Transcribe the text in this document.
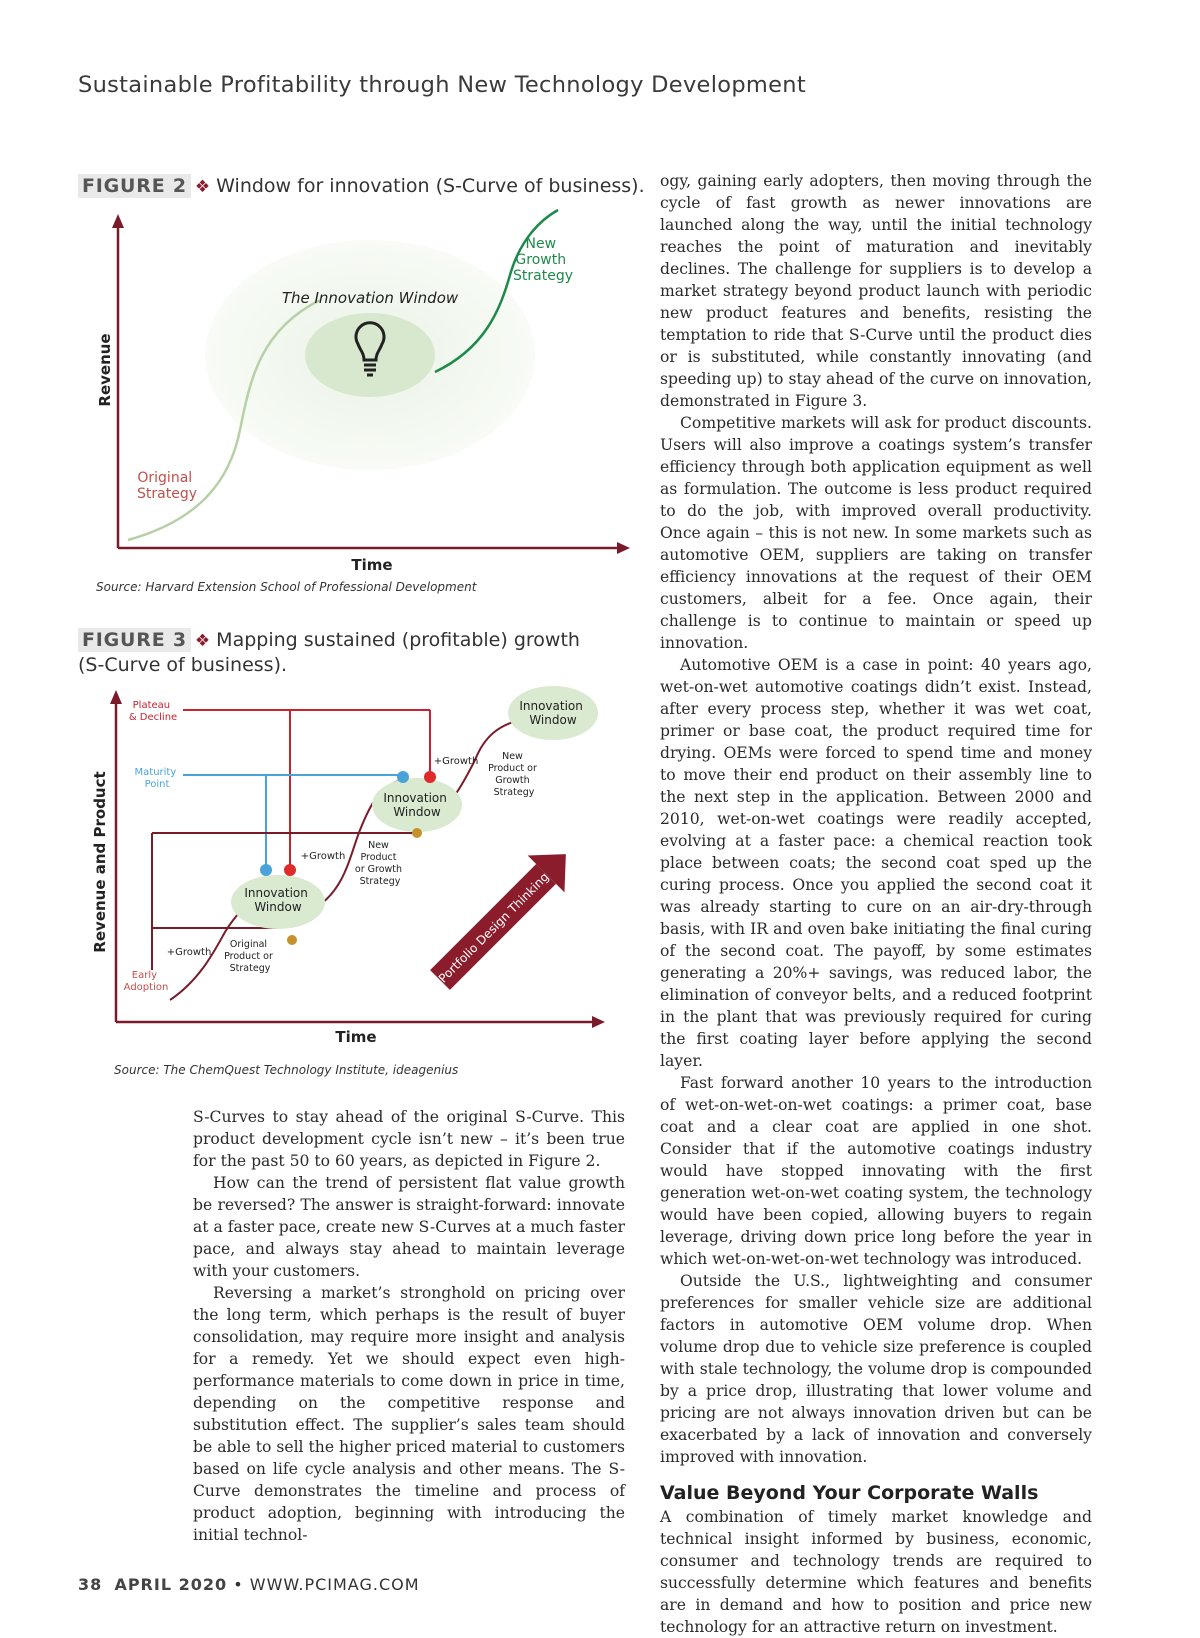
Sustainable Profitability through New Technology Development
FIGURE 2 ❖ Window for innovation (S-Curve of business).
The Innovation Window
New Growth Strategy
Original Strategy
Revenue
Time
Source: Harvard Extension School of Professional Development
FIGURE 3 ❖ Mapping sustained (profitable) growth
(S-Curve of business).
Portfolio Design Thinking
Plateau & Decline
Maturity Point
Early Adoption
+Growth
+Growth
+Growth
Original Product or Strategy
New Product or Growth Strategy
New Product or Growth Strategy
Innovation Window
Innovation Window
Innovation Window
Revenue and Product
Time
Source: The ChemQuest Technology Institute, ideagenius

S-Curves to stay ahead of the original S-Curve. This product development cycle isn’t new – it’s been true for the past 50 to 60 years, as depicted in Figure 2.

How can the trend of persistent flat value growth be reversed? The answer is straight-forward: innovate at a faster pace, create new S-Curves at a much faster pace, and always stay ahead to maintain leverage with your customers.

Reversing a market’s stronghold on pricing over the long term, which perhaps is the result of buyer consolidation, may require more insight and analysis for a remedy. Yet we should expect even high-performance materials to come down in price in time, depending on the competitive response and substitution effect. The supplier’s sales team should be able to sell the higher priced material to customers based on life cycle analysis and other means. The S-Curve demonstrates the timeline and process of product adoption, beginning with introducing the initial technol-

ogy, gaining early adopters, then moving through the cycle of fast growth as newer innovations are launched along the way, until the initial technology reaches the point of maturation and inevitably declines. The challenge for suppliers is to develop a market strategy beyond product launch with periodic new product features and benefits, resisting the temptation to ride that S-Curve until the product dies or is substituted, while constantly innovating (and speeding up) to stay ahead of the curve on innovation, demonstrated in Figure 3.

Competitive markets will ask for product discounts. Users will also improve a coatings system’s transfer efficiency through both application equipment as well as formulation. The outcome is less product required to do the job, with improved overall productivity. Once again – this is not new. In some markets such as automotive OEM, suppliers are taking on transfer efficiency innovations at the request of their OEM customers, albeit for a fee. Once again, their challenge is to continue to maintain or speed up innovation.

Automotive OEM is a case in point: 40 years ago, wet-on-wet automotive coatings didn’t exist. Instead, after every process step, whether it was wet coat, primer or base coat, the product required time for drying. OEMs were forced to spend time and money to move their end product on their assembly line to the next step in the application. Between 2000 and 2010, wet-on-wet coatings were readily accepted, evolving at a faster pace: a chemical reaction took place between coats; the second coat sped up the curing process. Once you applied the second coat it was already starting to cure on an air-dry-through basis, with IR and oven bake initiating the final curing of the second coat. The payoff, by some estimates generating a 20%+ savings, was reduced labor, the elimination of conveyor belts, and a reduced footprint in the plant that was previously required for curing the first coating layer before applying the second layer.

Fast forward another 10 years to the introduction of wet-on-wet-on-wet coatings: a primer coat, base coat and a clear coat are applied in one shot. Consider that if the automotive coatings industry would have stopped innovating with the first generation wet-on-wet coating system, the technology would have been copied, allowing buyers to regain leverage, driving down price long before the year in which wet-on-wet-on-wet technology was introduced.

Outside the U.S., lightweighting and consumer preferences for smaller vehicle size are additional factors in automotive OEM volume drop. When volume drop due to vehicle size preference is coupled with stale technology, the volume drop is compounded by a price drop, illustrating that lower volume and pricing are not always innovation driven but can be exacerbated by a lack of innovation and conversely improved with innovation.

Value Beyond Your Corporate Walls

A combination of timely market knowledge and technical insight informed by business, economic, consumer and technology trends are required to successfully determine which features and benefits are in demand and how to position and price new technology for an attractive return on investment.

38 APRIL 2020 • WWW.PCIMAG.COM
